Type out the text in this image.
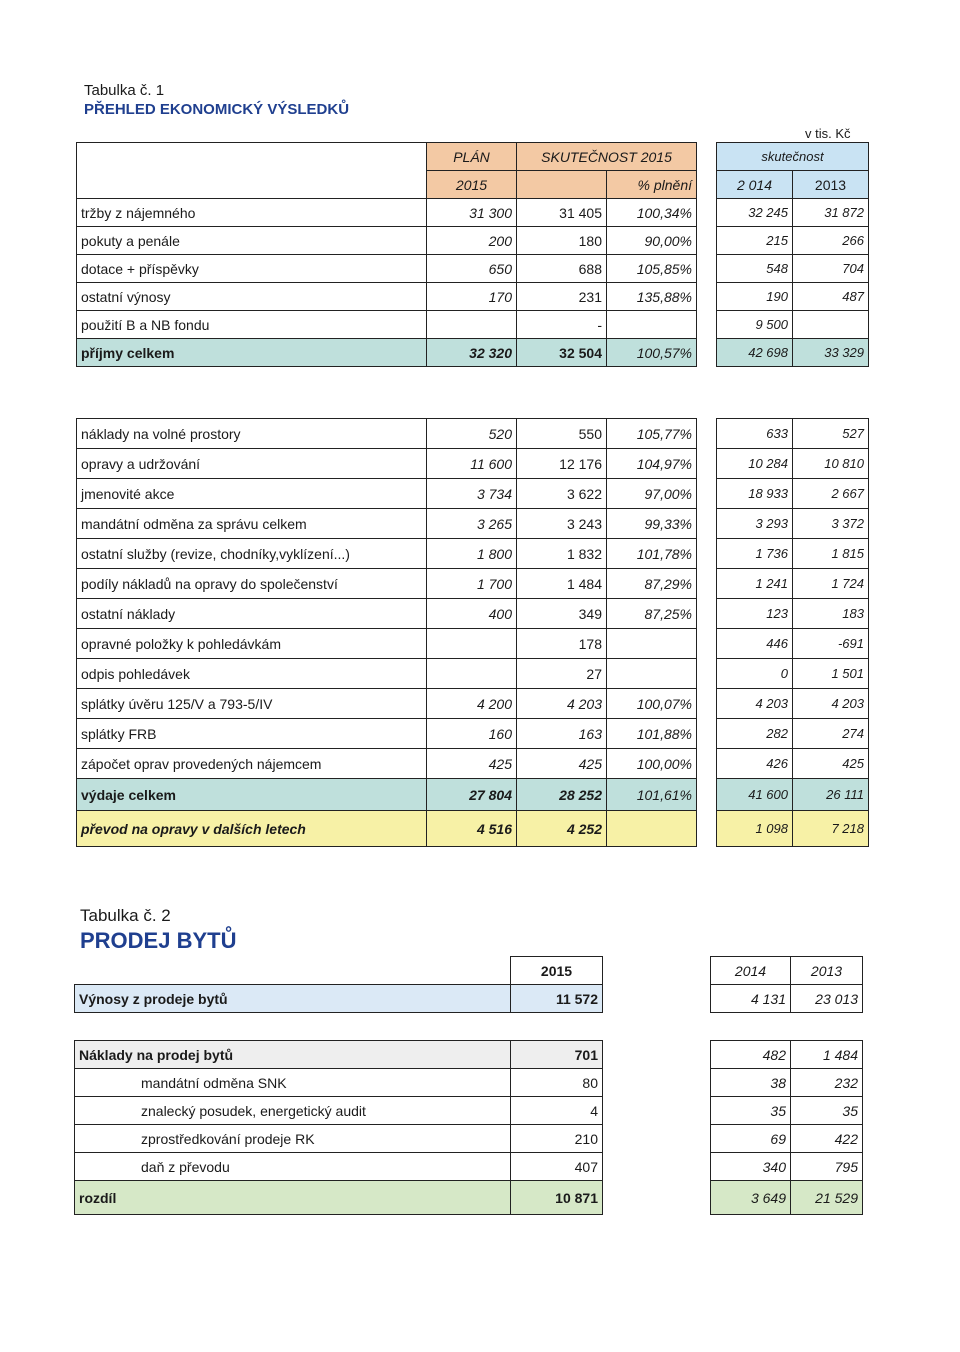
Tabulka č. 1
PŘEHLED EKONOMICKÝ VÝSLEDKŮ
v tis. Kč
	PLÁN	SKUTEČNOST 2015			skutečnost	
	2015		% plnění		2 014	2013
tržby z nájemného	31 300	31 405	100,34%		32 245	31 872
pokuty a penále	200	180	90,00%		215	266
dotace + příspěvky	650	688	105,85%		548	704
ostatní výnosy	170	231	135,88%		190	487
použití B a NB fondu		-			9 500	
příjmy celkem	32 320	32 504	100,57%		42 698	33 329
náklady na volné prostory	520	550	105,77%		633	527
opravy a udržování	11 600	12 176	104,97%		10 284	10 810
jmenovité akce	3 734	3 622	97,00%		18 933	2 667
mandátní odměna za správu celkem	3 265	3 243	99,33%		3 293	3 372
ostatní služby (revize, chodníky,vyklízení...)	1 800	1 832	101,78%		1 736	1 815
podíly nákladů na opravy do společenství	1 700	1 484	87,29%		1 241	1 724
ostatní náklady	400	349	87,25%		123	183
opravné položky k pohledávkám		178			446	-691
odpis pohledávek		27			0	1 501
splátky úvěru 125/V a 793-5/IV	4 200	4 203	100,07%		4 203	4 203
splátky FRB	160	163	101,88%		282	274
zápočet oprav provedených nájemcem	425	425	100,00%		426	425
výdaje celkem	27 804	28 252	101,61%		41 600	26 111
převod na opravy v dalších letech	4 516	4 252			1 098	7 218
Tabulka č. 2
PRODEJ BYTŮ
	2015		2014	2013
Výnosy z prodeje bytů	11 572		4 131	23 013

Náklady na prodej bytů	701		482	1 484
mandátní odměna SNK	80		38	232
znalecký posudek, energetický audit	4		35	35
zprostředkování prodeje RK	210		69	422
daň z převodu	407		340	795
rozdíl	10 871		3 649	21 529
